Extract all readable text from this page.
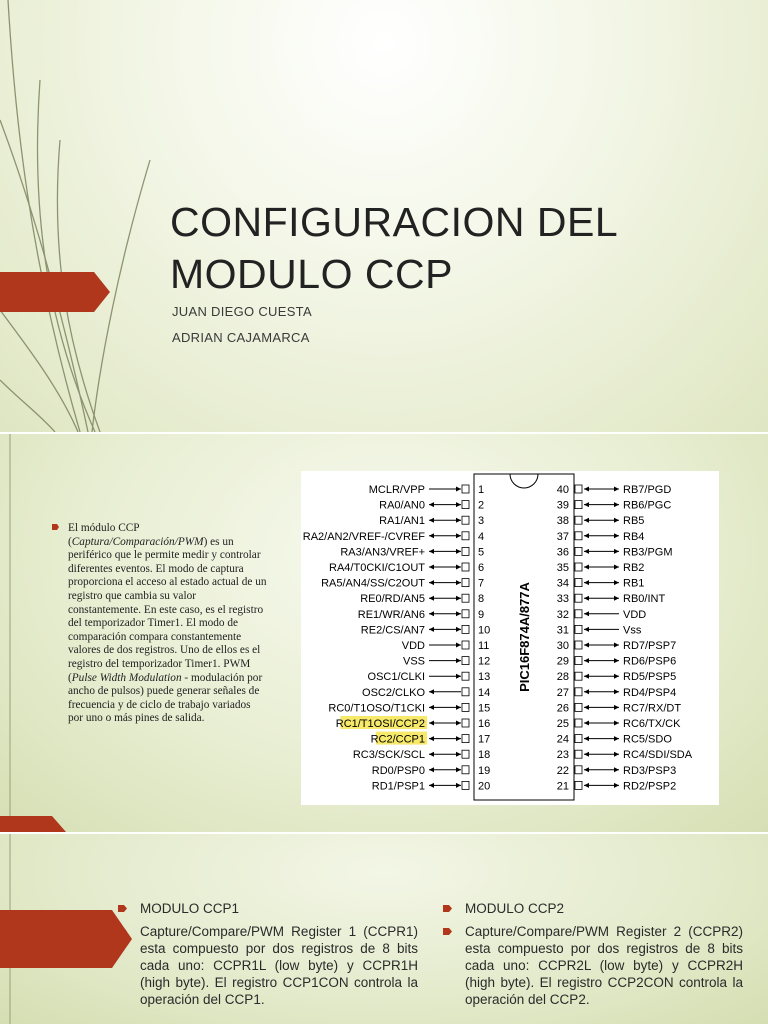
CONFIGURACION DEL
MODULO CCP
JUAN DIEGO CUESTA
ADRIAN CAJAMARCA
El módulo CCP (Captura/Comparación/PWM) es un periférico que le permite medir y controlar diferentes eventos. El modo de captura proporciona el acceso al estado actual de un registro que cambia su valor constantemente. En este caso, es el registro del temporizador Timer1. El modo de comparación compara constantemente valores de dos registros. Uno de ellos es el registro del temporizador Timer1. PWM (Pulse Width Modulation - modulación por ancho de pulsos) puede generar señales de frecuencia y de ciclo de trabajo variados por uno o más pines de salida.
PIC16F874A/877A
MCLR/VPP	1
RA0/AN0	2
RA1/AN1	3
RA2/AN2/VREF-/CVREF	4
RA3/AN3/VREF+	5
RA4/T0CKI/C1OUT	6
RA5/AN4/SS/C2OUT	7
RE0/RD/AN5	8
RE1/WR/AN6	9
RE2/CS/AN7	10
VDD	11
VSS	12
OSC1/CLKI	13
OSC2/CLKO	14
RC0/T1OSO/T1CKI	15
RC1/T1OSI/CCP2	16
RC2/CCP1	17
RC3/SCK/SCL	18
RD0/PSP0	19
RD1/PSP1	20
40	RB7/PGD
39	RB6/PGC
38	RB5
37	RB4
36	RB3/PGM
35	RB2
34	RB1
33	RB0/INT
32	VDD
31	Vss
30	RD7/PSP7
29	RD6/PSP6
28	RD5/PSP5
27	RD4/PSP4
26	RC7/RX/DT
25	RC6/TX/CK
24	RC5/SDO
23	RC4/SDI/SDA
22	RD3/PSP3
21	RD2/PSP2
MODULO CCP1
Capture/Compare/PWM Register 1 (CCPR1) esta compuesto por dos registros de 8 bits cada uno: CCPR1L (low byte) y CCPR1H (high byte). El registro CCP1CON controla la operación del CCP1.
MODULO CCP2
Capture/Compare/PWM Register 2 (CCPR2) esta compuesto por dos registros de 8 bits cada uno: CCPR2L (low byte) y CCPR2H (high byte). El registro CCP2CON controla la operación del CCP2.
